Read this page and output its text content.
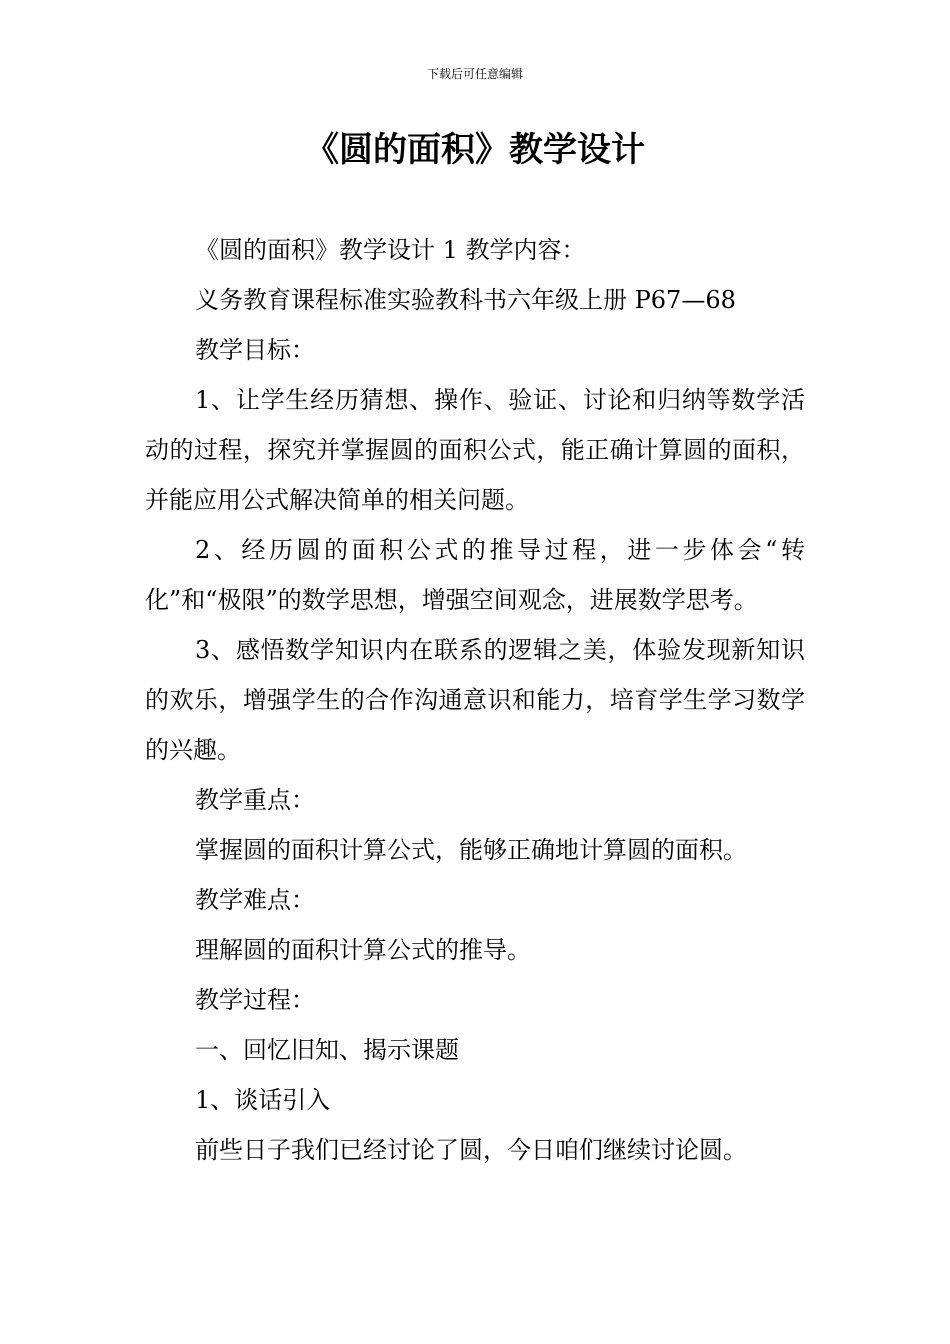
下载后可任意编辑
《圆的面积》教学设计

《圆的面积》教学设计 1 教学内容：

义务教育课程标准实验教科书六年级上册 P67—68

教学目标：

1、让学生经历猜想、操作、验证、讨论和归纳等数学活动的过程，探究并掌握圆的面积公式，能正确计算圆的面积，并能应用公式解决简单的相关问题。

2、经历圆的面积公式的推导过程，进一步体会“转化”和“极限”的数学思想，增强空间观念，进展数学思考。

3、感悟数学知识内在联系的逻辑之美，体验发现新知识的欢乐，增强学生的合作沟通意识和能力，培育学生学习数学的兴趣。

教学重点：

掌握圆的面积计算公式，能够正确地计算圆的面积。

教学难点：

理解圆的面积计算公式的推导。

教学过程：

一、回忆旧知、揭示课题

1、谈话引入

前些日子我们已经讨论了圆，今日咱们继续讨论圆。
